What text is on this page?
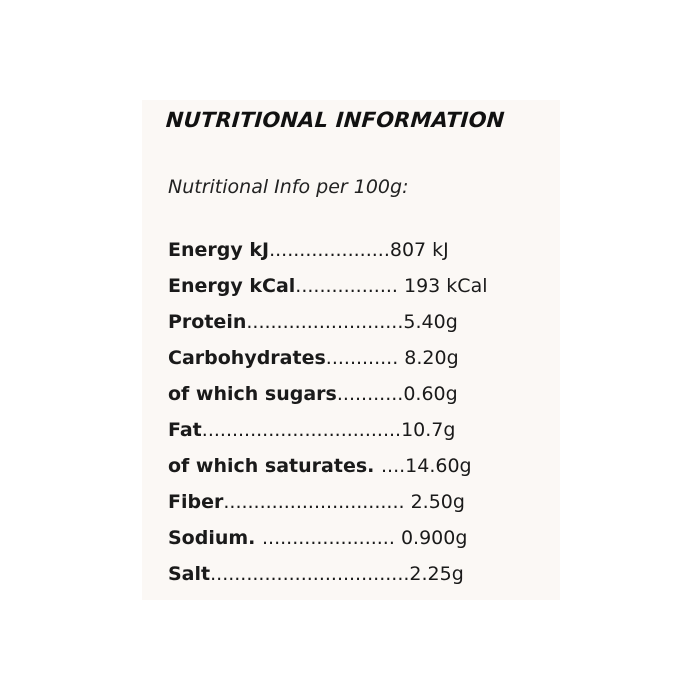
NUTRITIONAL INFORMATION

Nutritional Info per 100g:

Energy kJ....................807 kJ
Energy kCal................. 193 kCal
Protein..........................5.40g
Carbohydrates............ 8.20g
of which sugars...........0.60g
Fat.................................10.7g
of which saturates. ....14.60g
Fiber.............................. 2.50g
Sodium. ...................... 0.900g
Salt.................................2.25g
